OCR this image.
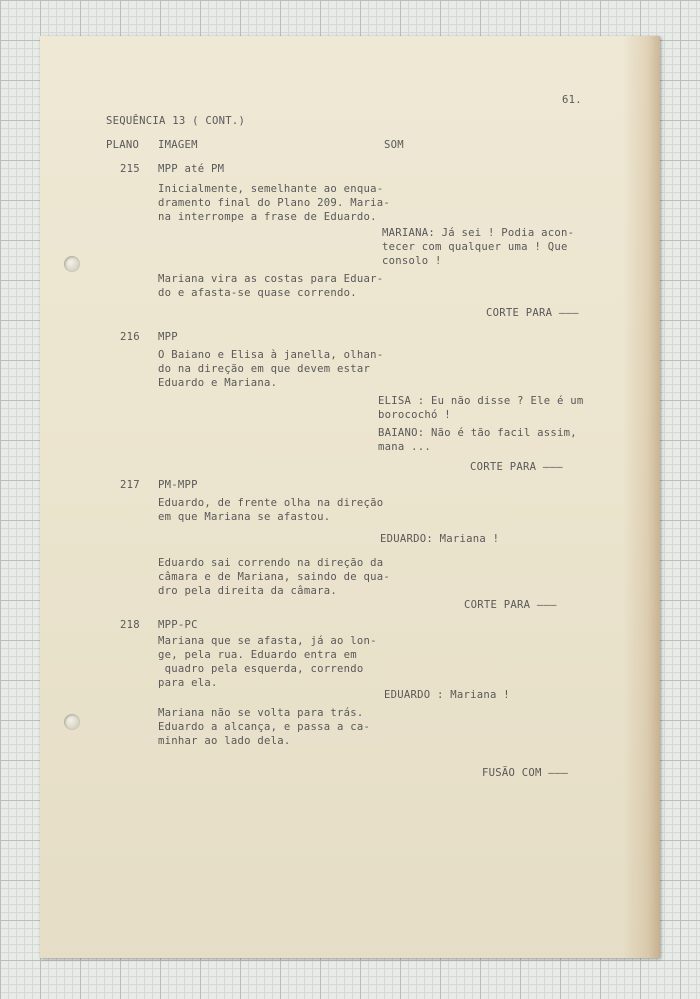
61.

SEQUÊNCIA 13 ( CONT.)

PLANO IMAGEM	SOM

215 MPP até PM

Inicialmente, semelhante ao enqua-

dramento final do Plano 209. Maria-

na interrompe a frase de Eduardo.

MARIANA: Já sei ! Podia acon-

tecer com qualquer uma ! Que

consolo !

Mariana vira as costas para Eduar-

do e afasta-se quase correndo.

CORTE PARA ———

216 MPP

O Baiano e Elisa à janella, olhan-

do na direção em que devem estar

Eduardo e Mariana.

ELISA : Eu não disse ? Ele é um

borocochó !

BAIANO: Não é tão facil assim,

mana ...

CORTE PARA ———

217 PM-MPP

Eduardo, de frente olha na direção

em que Mariana se afastou.

EDUARDO: Mariana !

Eduardo sai correndo na direção da

câmara e de Mariana, saindo de qua-

dro pela direita da câmara.

CORTE PARA ———

218 MPP-PC

Mariana que se afasta, já ao lon-

ge, pela rua. Eduardo entra em

quadro pela esquerda, correndo

para ela.

EDUARDO : Mariana !

Mariana não se volta para trás.

Eduardo a alcança, e passa a ca-

minhar ao lado dela.

FUSÃO COM ———
